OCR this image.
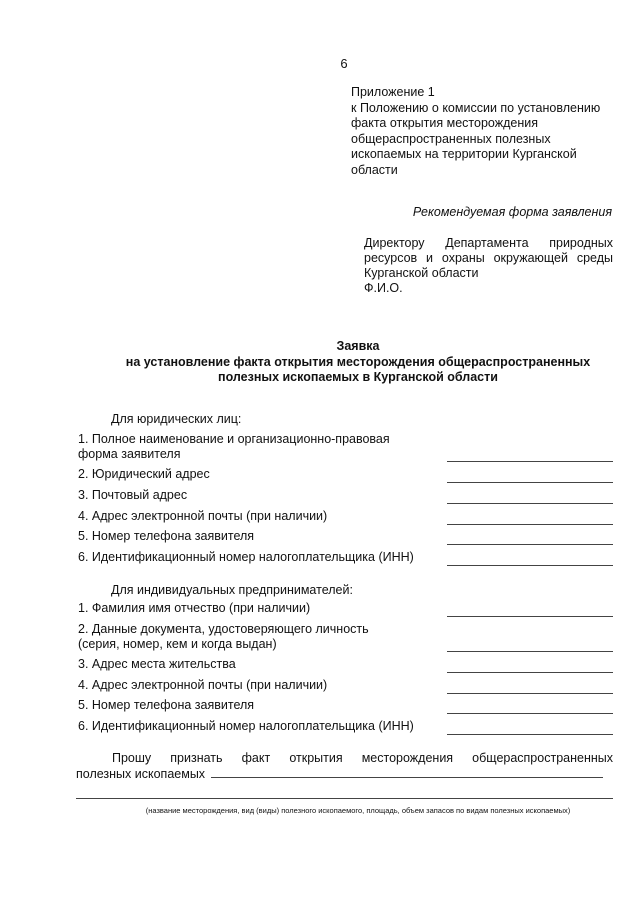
6
Приложение 1
к Положению о комиссии по установлению
факта открытия месторождения
общераспространенных полезных
ископаемых на территории Курганской
области
Рекомендуемая форма заявления
Директору Департамента природных
ресурсов и охраны окружающей среды
Курганской области
Ф.И.О.
Заявка
на установление факта открытия месторождения общераспространенных
полезных ископаемых в Курганской области
Для юридических лиц:
1. Полное наименование и организационно-правовая
форма заявителя
2. Юридический адрес
3. Почтовый адрес
4. Адрес электронной почты (при наличии)
5. Номер телефона заявителя
6. Идентификационный номер налогоплательщика (ИНН)
Для индивидуальных предпринимателей:
1. Фамилия имя отчество (при наличии)
2. Данные документа, удостоверяющего личность
(серия, номер, кем и когда выдан)
3. Адрес места жительства
4. Адрес электронной почты (при наличии)
5. Номер телефона заявителя
6. Идентификационный номер налогоплательщика (ИНН)
Прошу признать факт открытия месторождения общераспространенных
полезных ископаемых
(название месторождения, вид (виды) полезного ископаемого, площадь, объем запасов по видам полезных ископаемых)
